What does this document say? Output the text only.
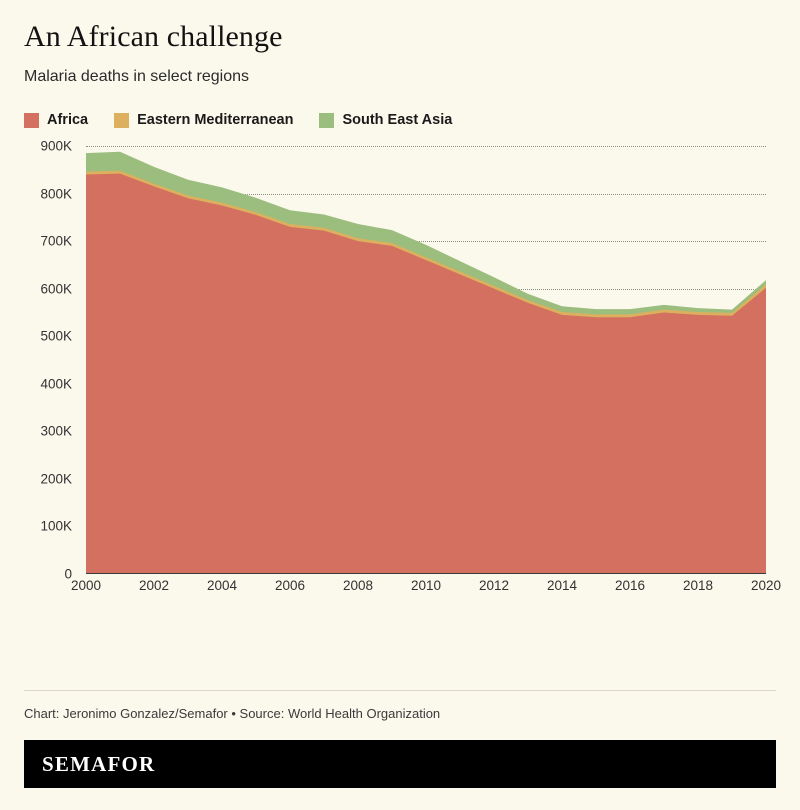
An African challenge

Malaria deaths in select regions

Africa	Eastern Mediterranean	South East Asia
0
100K
200K
300K
400K
500K
600K
700K
800K
900K
2000	2002	2004	2006	2008	2010	2012	2014	2016	2018	2020
Chart: Jeronimo Gonzalez/Semafor • Source: World Health Organization
SEMAFOR
